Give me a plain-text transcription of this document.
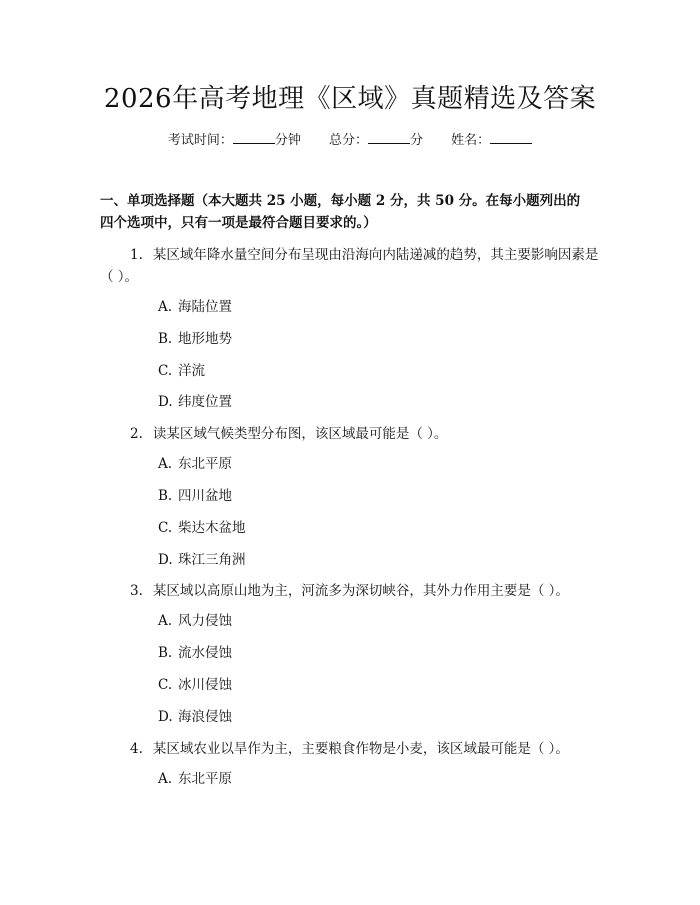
2026年高考地理《区域》真题精选及答案
考试时间：	分钟 总分：	分 姓名：
一、单项选择题（本大题共 25 小题，每小题 2 分，共 50 分。在每小题列出的四个选项中，只有一项是最符合题目要求的。）

1. 某区域年降水量空间分布呈现由沿海向内陆递减的趋势，其主要影响因素是（ ）。

A. 海陆位置
B. 地形地势
C. 洋流
D. 纬度位置

2. 读某区域气候类型分布图，该区域最可能是（ ）。

A. 东北平原
B. 四川盆地
C. 柴达木盆地
D. 珠江三角洲

3. 某区域以高原山地为主，河流多为深切峡谷，其外力作用主要是（ ）。

A. 风力侵蚀
B. 流水侵蚀
C. 冰川侵蚀
D. 海浪侵蚀

4. 某区域农业以旱作为主，主要粮食作物是小麦，该区域最可能是（ ）。

A. 东北平原
